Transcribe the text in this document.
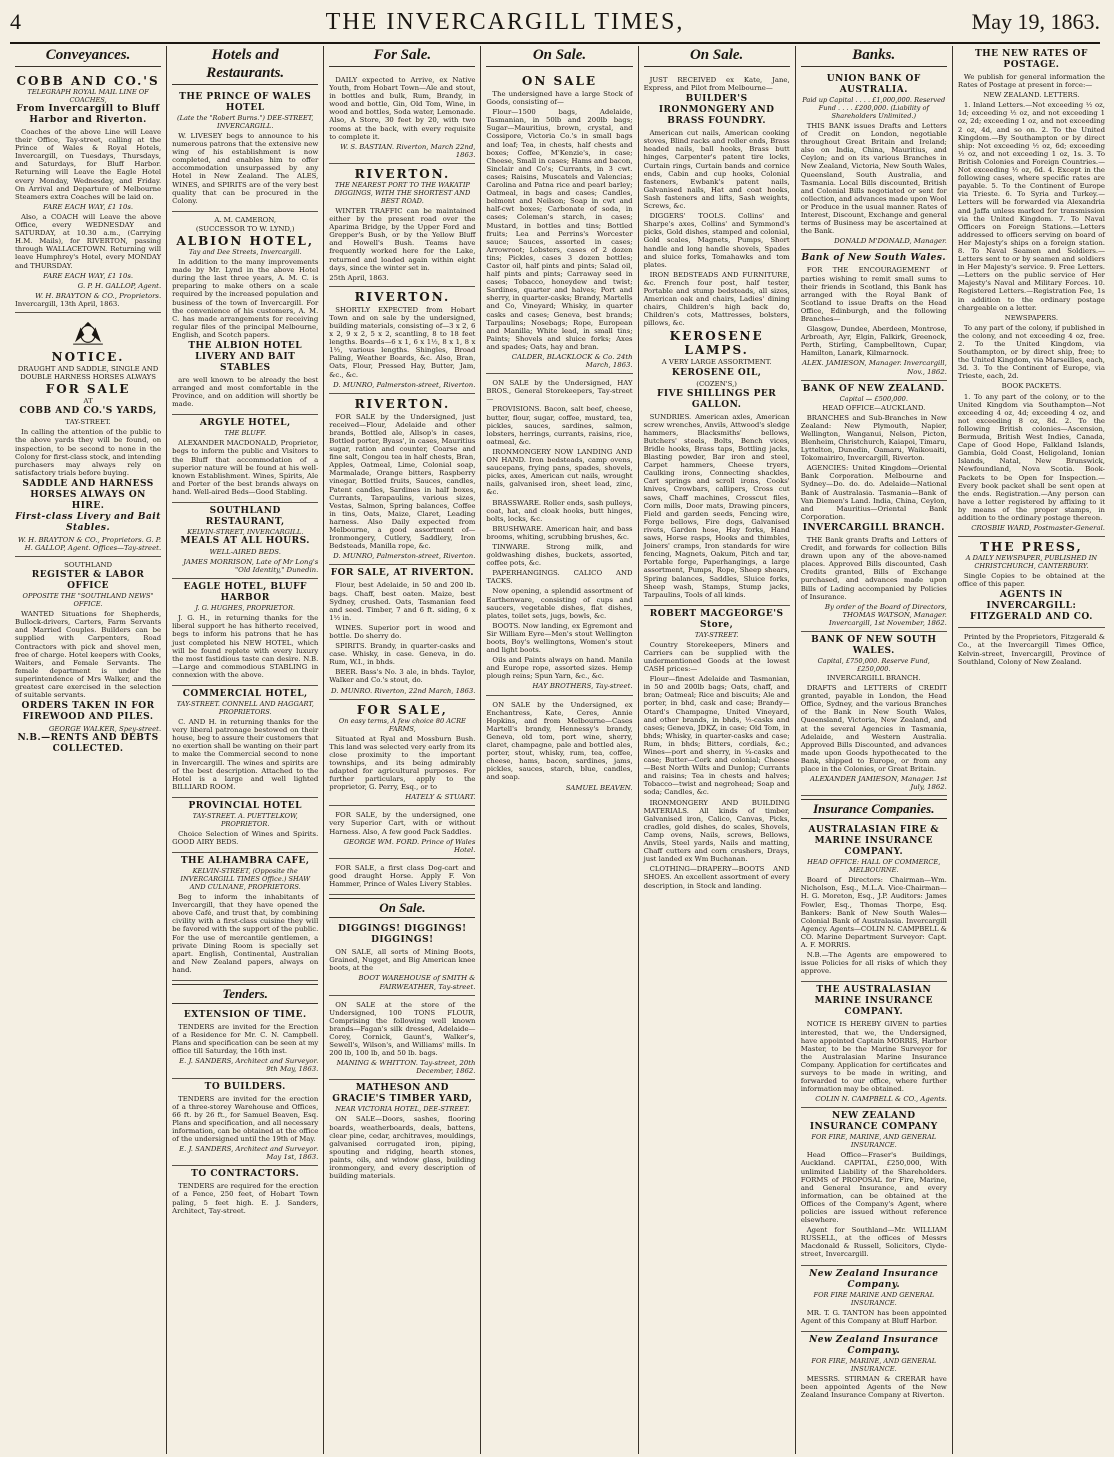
4	THE INVERCARGILL TIMES,	May 19, 1863.
Conveyances.
COBB AND CO.'S
TELEGRAPH ROYAL MAIL LINE OF COACHES,
From Invercargill to Bluff Harbor and Riverton.

Coaches of the above Line will Leave their Office, Tay-street, calling at the Prince of Wales & Royal Hotels, Invercargill, on Tuesdays, Thursdays, and Saturdays, for Bluff Harbor. Returning will Leave the Eagle Hotel every Monday, Wednesday, and Friday. On Arrival and Departure of Melbourne Steamers extra Coaches will be laid on.

FARE EACH WAY, £1 10s.

Also, a COACH will Leave the above Office, every WEDNESDAY and SATURDAY, at 10.30 a.m., (Carrying H.M. Mails), for RIVERTON, passing through WALLACETOWN. Returning will leave Humphrey's Hotel, every MONDAY and THURSDAY.

FARE EACH WAY, £1 10s.
G. P. H. GALLOP, Agent.
W. H. BRAYTON & CO., Proprietors.
Invercargill, 13th April, 1863.
NOTICE.
DRAUGHT AND SADDLE, SINGLE AND DOUBLE HARNESS HORSES ALWAYS
FOR SALE
AT
COBB AND CO.'S YARDS,
TAY-STREET.

In calling the attention of the public to the above yards they will be found, on inspection, to be second to none in the Colony for first-class stock, and intending purchasers may always rely on satisfactory trials before buying.

SADDLE AND HARNESS HORSES ALWAYS ON HIRE.
First-class Livery and Bait Stables.
W. H. BRAYTON & CO., Proprietors. G. P. H. GALLOP, Agent. Offices—Tay-street.
SOUTHLAND
REGISTER & LABOR OFFICE
OPPOSITE THE "SOUTHLAND NEWS" OFFICE.

WANTED Situations for Shepherds, Bullock-drivers, Carters, Farm Servants and Married Couples. Builders can be supplied with Carpenters, Road Contractors with pick and shovel men, free of charge. Hotel keepers with Cooks, Waiters, and Female Servants. The female department is under the superintendence of Mrs Walker, and the greatest care exercised in the selection of suitable servants.

ORDERS TAKEN IN FOR FIREWOOD AND PILES.
GEORGE WALKER, Spey-street.
N.B.—RENTS AND DEBTS COLLECTED.
Hotels and Restaurants.
THE PRINCE OF WALES HOTEL
(Late the "Robert Burns.") DEE-STREET, INVERCARGILL.

W. LIVESEY begs to announce to his numerous patrons that the extensive new wing of his establishment is now completed, and enables him to offer accommodation unsurpassed by any Hotel in New Zealand. The ALES, WINES, and SPIRITS are of the very best quality that can be procured in the Colony.

A. M. CAMERON,
(SUCCESSOR TO W. LYND,)
ALBION HOTEL,
Tay and Dee Streets, Invercargill.

In addition to the many improvements made by Mr. Lynd in the above Hotel during the last three years, A. M. C. is preparing to make others on a scale required by the increased population and business of the town of Invercargill. For the convenience of his customers, A. M. C. has made arrangements for receiving regular files of the principal Melbourne, English, and Scotch papers.

THE ALBION HOTEL LIVERY AND BAIT STABLES

are well known to be already the best arranged and most comfortable in the Province, and on addition will shortly be made.

ARGYLE HOTEL,
THE BLUFF.

ALEXANDER MACDONALD, Proprietor, begs to inform the public and Visitors to the Bluff that accommodation of a superior nature will be found at his well-known Establishment. Wines, Spirits, Ale and Porter of the best brands always on hand. Well-aired Beds—Good Stabling.

SOUTHLAND RESTAURANT,
KELVIN-STREET, INVERCARGILL.
MEALS AT ALL HOURS.
WELL-AIRED BEDS.
JAMES MORRISON, Late of Mr Long's "Old Identity," Dunedin.
EAGLE HOTEL, BLUFF HARBOR
J. G. HUGHES, PROPRIETOR.

J. G. H., in returning thanks for the liberal support he has hitherto received, begs to inform his patrons that he has just completed his NEW HOTEL, which will be found replete with every luxury the most fastidious taste can desire. N.B.—Large and commodious STABLING in connexion with the above.

COMMERCIAL HOTEL,
TAY-STREET. CONNELL AND HAGGART, PROPRIETORS.

C. AND H. in returning thanks for the very liberal patronage bestowed on their house, beg to assure their customers that no exertion shall be wanting on their part to make the Commercial second to none in Invercargill. The wines and spirits are of the best description. Attached to the Hotel is a large and well lighted BILLIARD ROOM.

PROVINCIAL HOTEL
TAY-STREET. A. PUETTELKOW, PROPRIETOR.

Choice Selection of Wines and Spirits. GOOD AIRY BEDS.

THE ALHAMBRA CAFE,
KELVIN-STREET, (Opposite the INVERCARGILL TIMES Office.) SHAW AND CULNANE, PROPRIETORS.

Beg to inform the inhabitants of Invercargill, that they have opened the above Café, and trust that, by combining civility with a first-class cuisine they will be favored with the support of the public. For the use of mercantile gentlemen, a private Dining Room is specially set apart. English, Continental, Australian and New Zealand papers, always on hand.

Tenders.
EXTENSION OF TIME.

TENDERS are invited for the Erection of a Residence for Mr. C. N. Campbell. Plans and specification can be seen at my office till Saturday, the 16th inst.

E. J. SANDERS, Architect and Surveyor. 9th May, 1863.
TO BUILDERS.

TENDERS are invited for the erection of a three-storey Warehouse and Offices, 66 ft. by 26 ft., for Samuel Beaven, Esq. Plans and specification, and all necessary information, can be obtained at the office of the undersigned until the 19th of May.

E. J. SANDERS, Architect and Surveyor. May 1st, 1863.
TO CONTRACTORS.

TENDERS are required for the erection of a Fence, 250 feet, of Hobart Town paling, 5 feet high. E. J. Sanders, Architect, Tay-street.

For Sale.

DAILY expected to Arrive, ex Native Youth, from Hobart Town—Ale and stout, in bottles and bulk, Rum, Brandy, in wood and bottle, Gin, Old Tom, Wine, in wood and bottles, Soda water, Lemonade. Also, A Store, 30 feet by 20, with two rooms at the back, with every requisite to complete it.

W. S. BASTIAN. Riverton, March 22nd, 1863.
RIVERTON.
THE NEAREST PORT TO THE WAKATIP DIGGINGS, WITH THE SHORTEST AND BEST ROAD.

WINTER TRAFFIC can be maintained either by the present road over the Aparima Bridge, by the Upper Ford and Grepper's Bush, or by the Yellow Bluff and Howell's Bush. Teams have frequently worked here for the Lake, returned and loaded again within eight days, since the winter set in.

25th April, 1863.
RIVERTON.

SHORTLY EXPECTED from Hobart Town and on sale by the undersigned, building materials, consisting of—3 x 2, 6 x 2, 9 x 2, 5 x 2, scantling, 8 to 18 feet lengths. Boards—6 x 1, 6 x 1½, 8 x 1, 8 x 1½, various lengths. Shingles, Broad Paling, Weather Boards, &c. Also, Bran, Oats, Flour, Pressed Hay, Butter, Jam, &c., &c.

D. MUNRO, Palmerston-street, Riverton.
RIVERTON.

FOR SALE by the Undersigned, just received—Flour, Adelaide and other brands, Bottled ale, Allsop's in cases, Bottled porter, Byass', in cases, Mauritius sugar, ration and counter, Coarse and fine salt, Congou tea in half chests, Bran, Apples, Oatmeal, Lime, Colonial soap, Marmalade, Orange bitters, Raspberry vinegar, Bottled fruits, Sauces, candles, Patent candles, Sardines in half boxes, Currants, Tarapaulins, various sizes, Vestas, Salmon, Spring balances, Coffee in tins, Oats, Maize, Claret, Leading harness. Also Daily expected from Melbourne, a good assortment of—Ironmongery, Cutlery, Saddlery, Iron Bedsteads, Manilla rope, &c.

D. MUNRO, Palmerston-street, Riverton.
FOR SALE, AT RIVERTON.

Flour, best Adelaide, in 50 and 200 lb. bags. Chaff, best oaten. Maize, best Sydney, crushed. Oats, Tasmanian feed and seed. Timber, 7 and 6 ft. siding, 6 x 1½ in.

WINES. Superior port in wood and bottle. Do sherry do.

SPIRITS. Brandy, in quarter-casks and case. Whisky, in case. Geneva, in do. Rum, W.I., in bhds.

BEER. Bass's No. 3 ale, in bhds. Taylor, Walker and Co.'s stout, do.

D. MUNRO. Riverton, 22nd March, 1863.
FOR SALE,
On easy terms, A few choice 80 ACRE FARMS,

Situated at Ryal and Mossburn Bush. This land was selected very early from its close proximity to the important townships, and its being admirably adapted for agricultural purposes. For further particulars, apply to the proprietor, G. Perry, Esq., or to

HATELY & STUART.

FOR SALE, by the undersigned, one very Superior Cart, with or without Harness. Also, A few good Pack Saddles.

GEORGE WM. FORD. Prince of Wales Hotel.

FOR SALE, a first class Dog-cart and good draught Horse. Apply F. Von Hammer, Prince of Wales Livery Stables.

On Sale.
DIGGINGS! DIGGINGS! DIGGINGS!

ON SALE, all sorts of Mining Boots, Grained, Nugget, and Big American knee boots, at the

BOOT WAREHOUSE of SMITH & FAIRWEATHER, Tay-street.

ON SALE at the store of the Undersigned, 100 TONS FLOUR, Comprising the following well known brands—Fagan's silk dressed, Adelaide—Corey, Cornick, Gaunt's, Walker's, Sewell's, Wilson's, and Williams' mills. In 200 lb, 100 lb, and 50 lb. bags.

MANING & WHITTON. Tay-street, 20th December, 1862.
MATHESON AND GRACIE'S TIMBER YARD,
NEAR VICTORIA HOTEL, DEE-STREET.

ON SALE—Doors, sashes, flooring boards, weatherboards, deals, battens, clear pine, cedar, architraves, mouldings, galvanised corrugated iron, piping, spouting and ridging, hearth stones, paints, oils, and window glass, building ironmongery, and every description of building materials.

On Sale.
ON SALE

The undersigned have a large Stock of Goods, consisting of—

Flour—1500 bags, Adelaide, Tasmanian, in 50lb and 200lb bags; Sugar—Mauritius, brown, crystal, and Cossipore, Victoria Co.'s in small bags and loaf; Tea, in chests, half chests and boxes; Coffee, M'Kenzie's, in case; Cheese, Small in cases; Hams and bacon, Sinclair and Co's; Currants, in 3 cwt. cases; Raisins, Muscatels and Valencias; Carolina and Patna rice and pearl barley; Oatmeal, in bags and cases; Candles, belmont and Neilson; Soap in cwt and half-cwt boxes; Carbonate of soda, in cases; Coleman's starch, in cases; Mustard, in bottles and tins; Bottled fruits; Lea and Perrins's Worcester sauce; Sauces, assorted in cases; Arrowroot; Lobsters, cases of 2 dozen tins; Pickles, cases 3 dozen bottles; Castor oil, half pints and pints; Salad oil, half pints and pints; Carraway seed in cases; Tobacco, honeydew and twist; Sardines, quarter and halves; Port and sherry, in quarter-casks; Brandy, Martells and Co, Vineyard; Whisky, in quarter casks and cases; Geneva, best brands; Tarpaulins; Nosebags; Rope, European and Manilla; White lead, in small tins; Paints; Shovels and sluice forks; Axes and spades; Oats, hay and bran.

CALDER, BLACKLOCK & Co. 24th March, 1863.

ON SALE by the Undersigned, HAY BROS., General Storekeepers, Tay-street—

PROVISIONS. Bacon, salt beef, cheese, butter, flour, sugar, coffee, mustard, tea, pickles, sauces, sardines, salmon, lobsters, herrings, currants, raisins, rice, oatmeal, &c.

IRONMONGERY NOW LANDING AND ON HAND. Iron bedsteads, camp ovens, saucepans, frying pans, spades, shovels, picks, axes, American cut nails, wrought nails, galvanised iron, sheet lead, zinc, &c.

BRASSWARE. Roller ends, sash pulleys, coat, hat, and cloak hooks, butt hinges, bolts, locks, &c.

BRUSHWARE. American hair, and bass brooms, whiting, scrubbing brushes, &c.

TINWARE. Strong milk, and goldwashing dishes, buckets, assorted, coffee pots, &c.

PAPERHANGINGS. CALICO AND TACKS.

Now opening, a splendid assortment of Earthenware, consisting of cups and saucers, vegetable dishes, flat dishes, plates, toilet sets, jugs, bowls, &c.

BOOTS. Now landing, ex Egremont and Sir William Eyre—Men's stout Wellington boots, Boy's wellingtons, Women's stout and light boots.

Oils and Paints always on hand. Manila and Europe rope, assorted sizes. Hemp plough reins; Spun Yarn, &c., &c.

HAY BROTHERS, Tay-street.

ON SALE by the Undersigned, ex Enchantress, Kate, Ceres, Annie Hopkins, and from Melbourne—Cases Martell's brandy, Hennessy's brandy, Geneva, old tom, port wine, sherry, claret, champagne, pale and bottled ales, porter, stout, whisky, rum, tea, coffee, cheese, hams, bacon, sardines, jams, pickles, sauces, starch, blue, candles, and soap.

SAMUEL BEAVEN.
On Sale.

JUST RECEIVED ex Kate, Jane, Express, and Pilot from Melbourne—

BUILDER'S IRONMONGERY AND BRASS FOUNDRY.

American cut nails, American cooking stoves, Blind racks and roller ends, Brass headed nails, ball hooks, Brass butt hinges, Carpenter's patent tire locks, Curtain rings, Curtain bands and cornice ends, Cabin and cup hooks, Colonial fasteners, Ewbank's patent nails, Galvanised nails, Hat and coat hooks, Sash fasteners and lifts, Sash weights, Screws, &c.

DIGGERS' TOOLS. Collins' and Sharpe's axes, Collins' and Symmond's picks, Gold dishes, stamped and colonial, Gold scales, Magnets, Pumps, Short handle and long handle shovels, Spades and sluice forks, Tomahawks and tom plates.

IRON BEDSTEADS AND FURNITURE, &c. French four post, half tester, Portable and stump bedsteads, all sizes, American oak and chairs, Ladies' dining chairs, Children's high back do, Children's cots, Mattresses, bolsters, pillows, &c.

KEROSENE LAMPS.
A VERY LARGE ASSORTMENT.
KEROSENE OIL,
(COZEN'S,)
FIVE SHILLINGS PER GALLON.

SUNDRIES. American axles, American screw wrenches, Anvils, Attwood's sledge hammers, Blacksmiths' bellows, Butchers' steels, Bolts, Bench vices, Bridle hooks, Brass taps, Bottling jacks, Blasting powder, Bar iron and steel, Carpet hammers, Cheese tryers, Caulking irons, Connecting shackles, Cart springs and scroll irons, Cooks' knives, Crowbars, callipers, Cross cut saws, Chaff machines, Crosscut files, Corn mills, Door mats, Drawing pincers, Field and garden seeds, Fencing wire, Forge bellows, Fire dogs, Galvanised rivets, Garden hose, Hay forks, Hand saws, Horse rasps, Hooks and thimbles, Joiners' cramps, Iron standards for wire fencing, Magnets, Oakum, Pitch and tar, Portable forge, Paperhangings, a large assortment, Pumps, Rope, Sheep shears, Spring balances, Saddles, Sluice forks, Sheep wash, Stamps, Stump jacks, Tarpaulins, Tools of all kinds.

ROBERT MACGEORGE'S Store,
TAY-STREET.

Country Storekeepers, Miners and Carriers can be supplied with the undermentioned Goods at the lowest CASH prices:—

Flour—finest Adelaide and Tasmanian, in 50 and 200lb bags; Oats, chaff, and bran; Oatmeal; Rice and biscuits; Ale and porter, in bhd, cask and case; Brandy—Otard's Champagne, United Vineyard, and other brands, in bhds, ½-casks and cases; Geneva, JDKZ, in case; Old Tom, in bhds; Whisky, in quarter-casks and case; Rum, in bhds; Bitters, cordials, &c.; Wines—port and sherry, in ¼-casks and case; Butter—Cork and colonial; Cheese—Best North Wilts and Dunlop; Currants and raisins; Tea in chests and halves; Tobacco—twist and negrohead; Soap and soda; Candles, &c.

IRONMONGERY AND BUILDING MATERIALS. All kinds of timber, Galvanised iron, Calico, Canvas, Picks, cradles, gold dishes, do scales, Shovels, Camp ovens, Nails, screws, Bellows, Anvils, Steel yards, Nails and matting, Chaff cutters and corn crushers, Drays, just landed ex Wm Buchanan.

CLOTHING—DRAPERY—BOOTS AND SHOES. An excellent assortment of every description, in Stock and landing.

Banks.
UNION BANK OF AUSTRALIA.
Paid up Capital . . . . £1,000,000. Reserved Fund . . . . £200,000. (Liability of Shareholders Unlimited.)

THIS BANK issues Drafts and Letters of Credit on London, negotiable throughout Great Britain and Ireland; also on India, China, Mauritius, and Ceylon; and on its various Branches in New Zealand, Victoria, New South Wales, Queensland, South Australia, and Tasmania. Local Bills discounted, British and Colonial Bills negotiated or sent for collection, and advances made upon Wool or Produce in the usual manner. Rates of Interest, Discount, Exchange and general terms of Business may be ascertained at the Bank.

DONALD M'DONALD, Manager.
Bank of New South Wales.

FOR THE ENCOURAGEMENT of parties wishing to remit small sums to their friends in Scotland, this Bank has arranged with the Royal Bank of Scotland to issue Drafts on the Head Office, Edinburgh, and the following Branches—

Glasgow, Dundee, Aberdeen, Montrose, Arbroath, Ayr, Elgin, Falkirk, Greenock, Perth, Stirling, Campbelltown, Cupar, Hamilton, Lanark, Kilmarnock.

ALEX. JAMIESON, Manager. Invercargill, Nov., 1862.
BANK OF NEW ZEALAND.
Capital — £500,000.
HEAD OFFICE—AUCKLAND.

BRANCHES and Sub-Branches in New Zealand: New Plymouth, Napier, Wellington, Wanganui, Nelson, Picton, Blenheim, Christchurch, Kaiapoi, Timaru, Lyttelton, Dunedin, Oamaru, Waikouaiti, Tokomairiro, Invercargill, Riverton.

AGENCIES: United Kingdom—Oriental Bank Corporation. Melbourne and Sydney—Do. do. do. Adelaide—National Bank of Australasia. Tasmania—Bank of Van Diemen's Land. India, China, Ceylon, and Mauritius—Oriental Bank Corporation.

INVERCARGILL BRANCH.

THE Bank grants Drafts and Letters of Credit, and forwards for collection Bills drawn upon any of the above-named places. Approved Bills discounted, Cash Credits granted, Bills of Exchange purchased, and advances made upon Bills of Lading accompanied by Policies of Insurance.

By order of the Board of Directors, THOMAS WATSON, Manager. Invercargill, 1st November, 1862.
BANK OF NEW SOUTH WALES.
Capital, £750,000. Reserve Fund, £250,000.
INVERCARGILL BRANCH.

DRAFTS and LETTERS of CREDIT granted, payable in London, the Head Office, Sydney, and the various Branches of the Bank in New South Wales, Queensland, Victoria, New Zealand, and at the several Agencies in Tasmania, Adelaide, and Western Australia. Approved Bills Discounted, and advances made upon Goods hypothecated to the Bank, shipped to Europe, or from any place in the Colonies, or Great Britain.

ALEXANDER JAMIESON, Manager. 1st July, 1862.
Insurance Companies.
AUSTRALASIAN FIRE & MARINE INSURANCE COMPANY.
HEAD OFFICE: HALL OF COMMERCE, MELBOURNE.

Board of Directors: Chairman—Wm. Nicholson, Esq., M.L.A. Vice-Chairman—H. G. Moreton, Esq., J.P. Auditors: James Fowler, Esq., Thomas Thorpe, Esq. Bankers: Bank of New South Wales—Colonial Bank of Australasia. Invercargill Agency. Agents—COLIN N. CAMPBELL & CO. Marine Department Surveyor: Capt. A. F. MORRIS.

N.B.—The Agents are empowered to issue Policies for all risks of which they approve.

THE AUSTRALASIAN MARINE INSURANCE COMPANY.

NOTICE IS HEREBY GIVEN to parties interested, that we, the Undersigned, have appointed Captain MORRIS, Harbor Master, to be the Marine Surveyor for the Australasian Marine Insurance Company. Application for certificates and surveys to be made in writing, and forwarded to our office, where further information may be obtained.

COLIN N. CAMPBELL & CO., Agents.
NEW ZEALAND INSURANCE COMPANY
FOR FIRE, MARINE, AND GENERAL INSURANCE.

Head Office—Fraser's Buildings, Auckland. CAPITAL, £250,000, With unlimited Liability of the Shareholders. FORMS of PROPOSAL for Fire, Marine, and General Insurance, and every information, can be obtained at the Offices of the Company's Agent, where policies are issued without reference elsewhere.

Agent for Southland—Mr. WILLIAM RUSSELL, at the offices of Messrs Macdonald & Russell, Solicitors, Clyde-street, Invercargill.

New Zealand Insurance Company.
FOR FIRE MARINE AND GENERAL INSURANCE.

MR. T. G. TANTON has been appointed Agent of this Company at Bluff Harbor.

New Zealand Insurance Company.
FOR FIRE, MARINE, AND GENERAL INSURANCE.

MESSRS. STIRMAN & CRERAR have been appointed Agents of the New Zealand Insurance Company at Riverton.

THE NEW RATES OF POSTAGE.

We publish for general information the Rates of Postage at present in force:—

NEW ZEALAND. LETTERS.

1. Inland Letters.—Not exceeding ½ oz, 1d; exceeding ½ oz, and not exceeding 1 oz, 2d; exceeding 1 oz, and not exceeding 2 oz, 4d, and so on. 2. To the United Kingdom.—By Southampton or by direct ship: Not exceeding ½ oz, 6d; exceeding ½ oz, and not exceeding 1 oz, 1s. 3. To British Colonies and Foreign Countries.—Not exceeding ½ oz, 6d. 4. Except in the following cases, where specific rates are payable. 5. To the Continent of Europe via Trieste. 6. To Syria and Turkey.—Letters will be forwarded via Alexandria and Jaffa unless marked for transmission via the United Kingdom. 7. To Naval Officers on Foreign Stations.—Letters addressed to officers serving on board of Her Majesty's ships on a foreign station. 8. To Naval Seamen and Soldiers.—Letters sent to or by seamen and soldiers in Her Majesty's service. 9. Free Letters.—Letters on the public service of Her Majesty's Naval and Military Forces. 10. Registered Letters.—Registration Fee, 1s in addition to the ordinary postage chargeable on a letter.

NEWSPAPERS.

To any part of the colony, if published in the colony, and not exceeding 4 oz, free. 2. To the United Kingdom, via Southampton, or by direct ship, free; to the United Kingdom, via Marseilles, each, 3d. 3. To the Continent of Europe, via Trieste, each, 2d.

BOOK PACKETS.

1. To any part of the colony, or to the United Kingdom via Southampton—Not exceeding 4 oz, 4d; exceeding 4 oz, and not exceeding 8 oz, 8d. 2. To the following British colonies—Ascension, Bermuda, British West Indies, Canada, Cape of Good Hope, Falkland Islands, Gambia, Gold Coast, Heligoland, Ionian Islands, Natal, New Brunswick, Newfoundland, Nova Scotia. Book-Packets to be Open for Inspection.—Every book packet shall be sent open at the ends. Registration.—Any person can have a letter registered by affixing to it by means of the proper stamps, in addition to the ordinary postage thereon.

CROSBIE WARD, Postmaster-General.
THE PRESS,
A DAILY NEWSPAPER, PUBLISHED IN CHRISTCHURCH, CANTERBURY.

Single Copies to be obtained at the office of this paper.

AGENTS IN INVERCARGILL: FITZGERALD AND CO.

Printed by the Proprietors, Fitzgerald & Co., at the Invercargill Times Office, Kelvin-street, Invercargill, Province of Southland, Colony of New Zealand.
